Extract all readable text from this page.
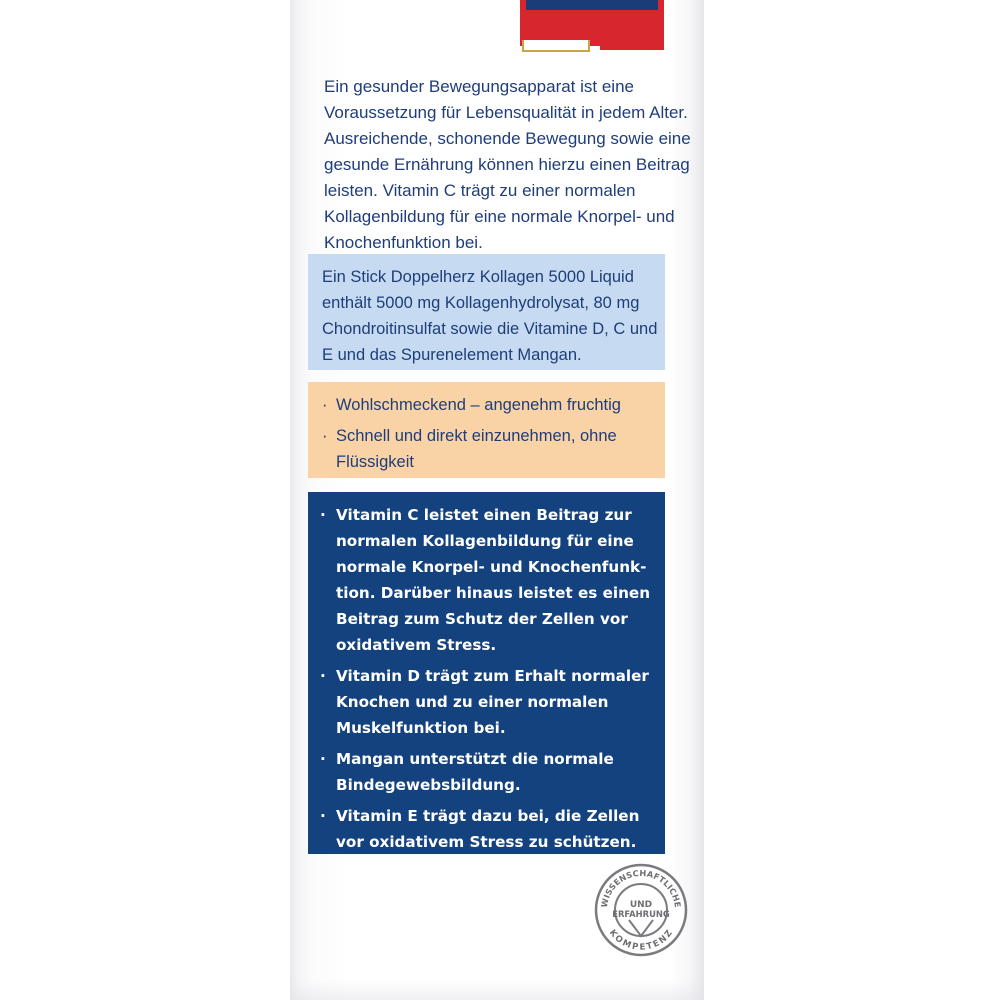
Ein gesunder Bewegungsapparat ist eine Voraussetzung für Lebensqualität in jedem Alter. Ausreichende, schonende Bewegung sowie eine gesunde Ernährung können hierzu einen Beitrag leisten. Vitamin C trägt zu einer normalen Kollagenbildung für eine normale Knorpel- und Knochenfunktion bei.

Ein Stick Doppelherz Kollagen 5000 Liquid enthält 5000 mg Kollagenhydrolysat, 80 mg Chondroitinsulfat sowie die Vitamine D, C und E und das Spurenelement Mangan.

· Wohlschmeckend – angenehm fruchtig
· Schnell und direkt einzunehmen, ohne Flüssigkeit
· Vitamin C leistet einen Beitrag zur normalen Kollagenbildung für eine normale Knorpel- und Knochenfunk-tion. Darüber hinaus leistet es einen Beitrag zum Schutz der Zellen vor oxidativem Stress.
· Vitamin D trägt zum Erhalt normaler Knochen und zu einer normalen Muskelfunktion bei.
· Mangan unterstützt die normale Bindegewebsbildung.
· Vitamin E trägt dazu bei, die Zellen vor oxidativem Stress zu schützen.
WISSENSCHAFTLICHE
KOMPETENZ
UND
ERFAHRUNG
